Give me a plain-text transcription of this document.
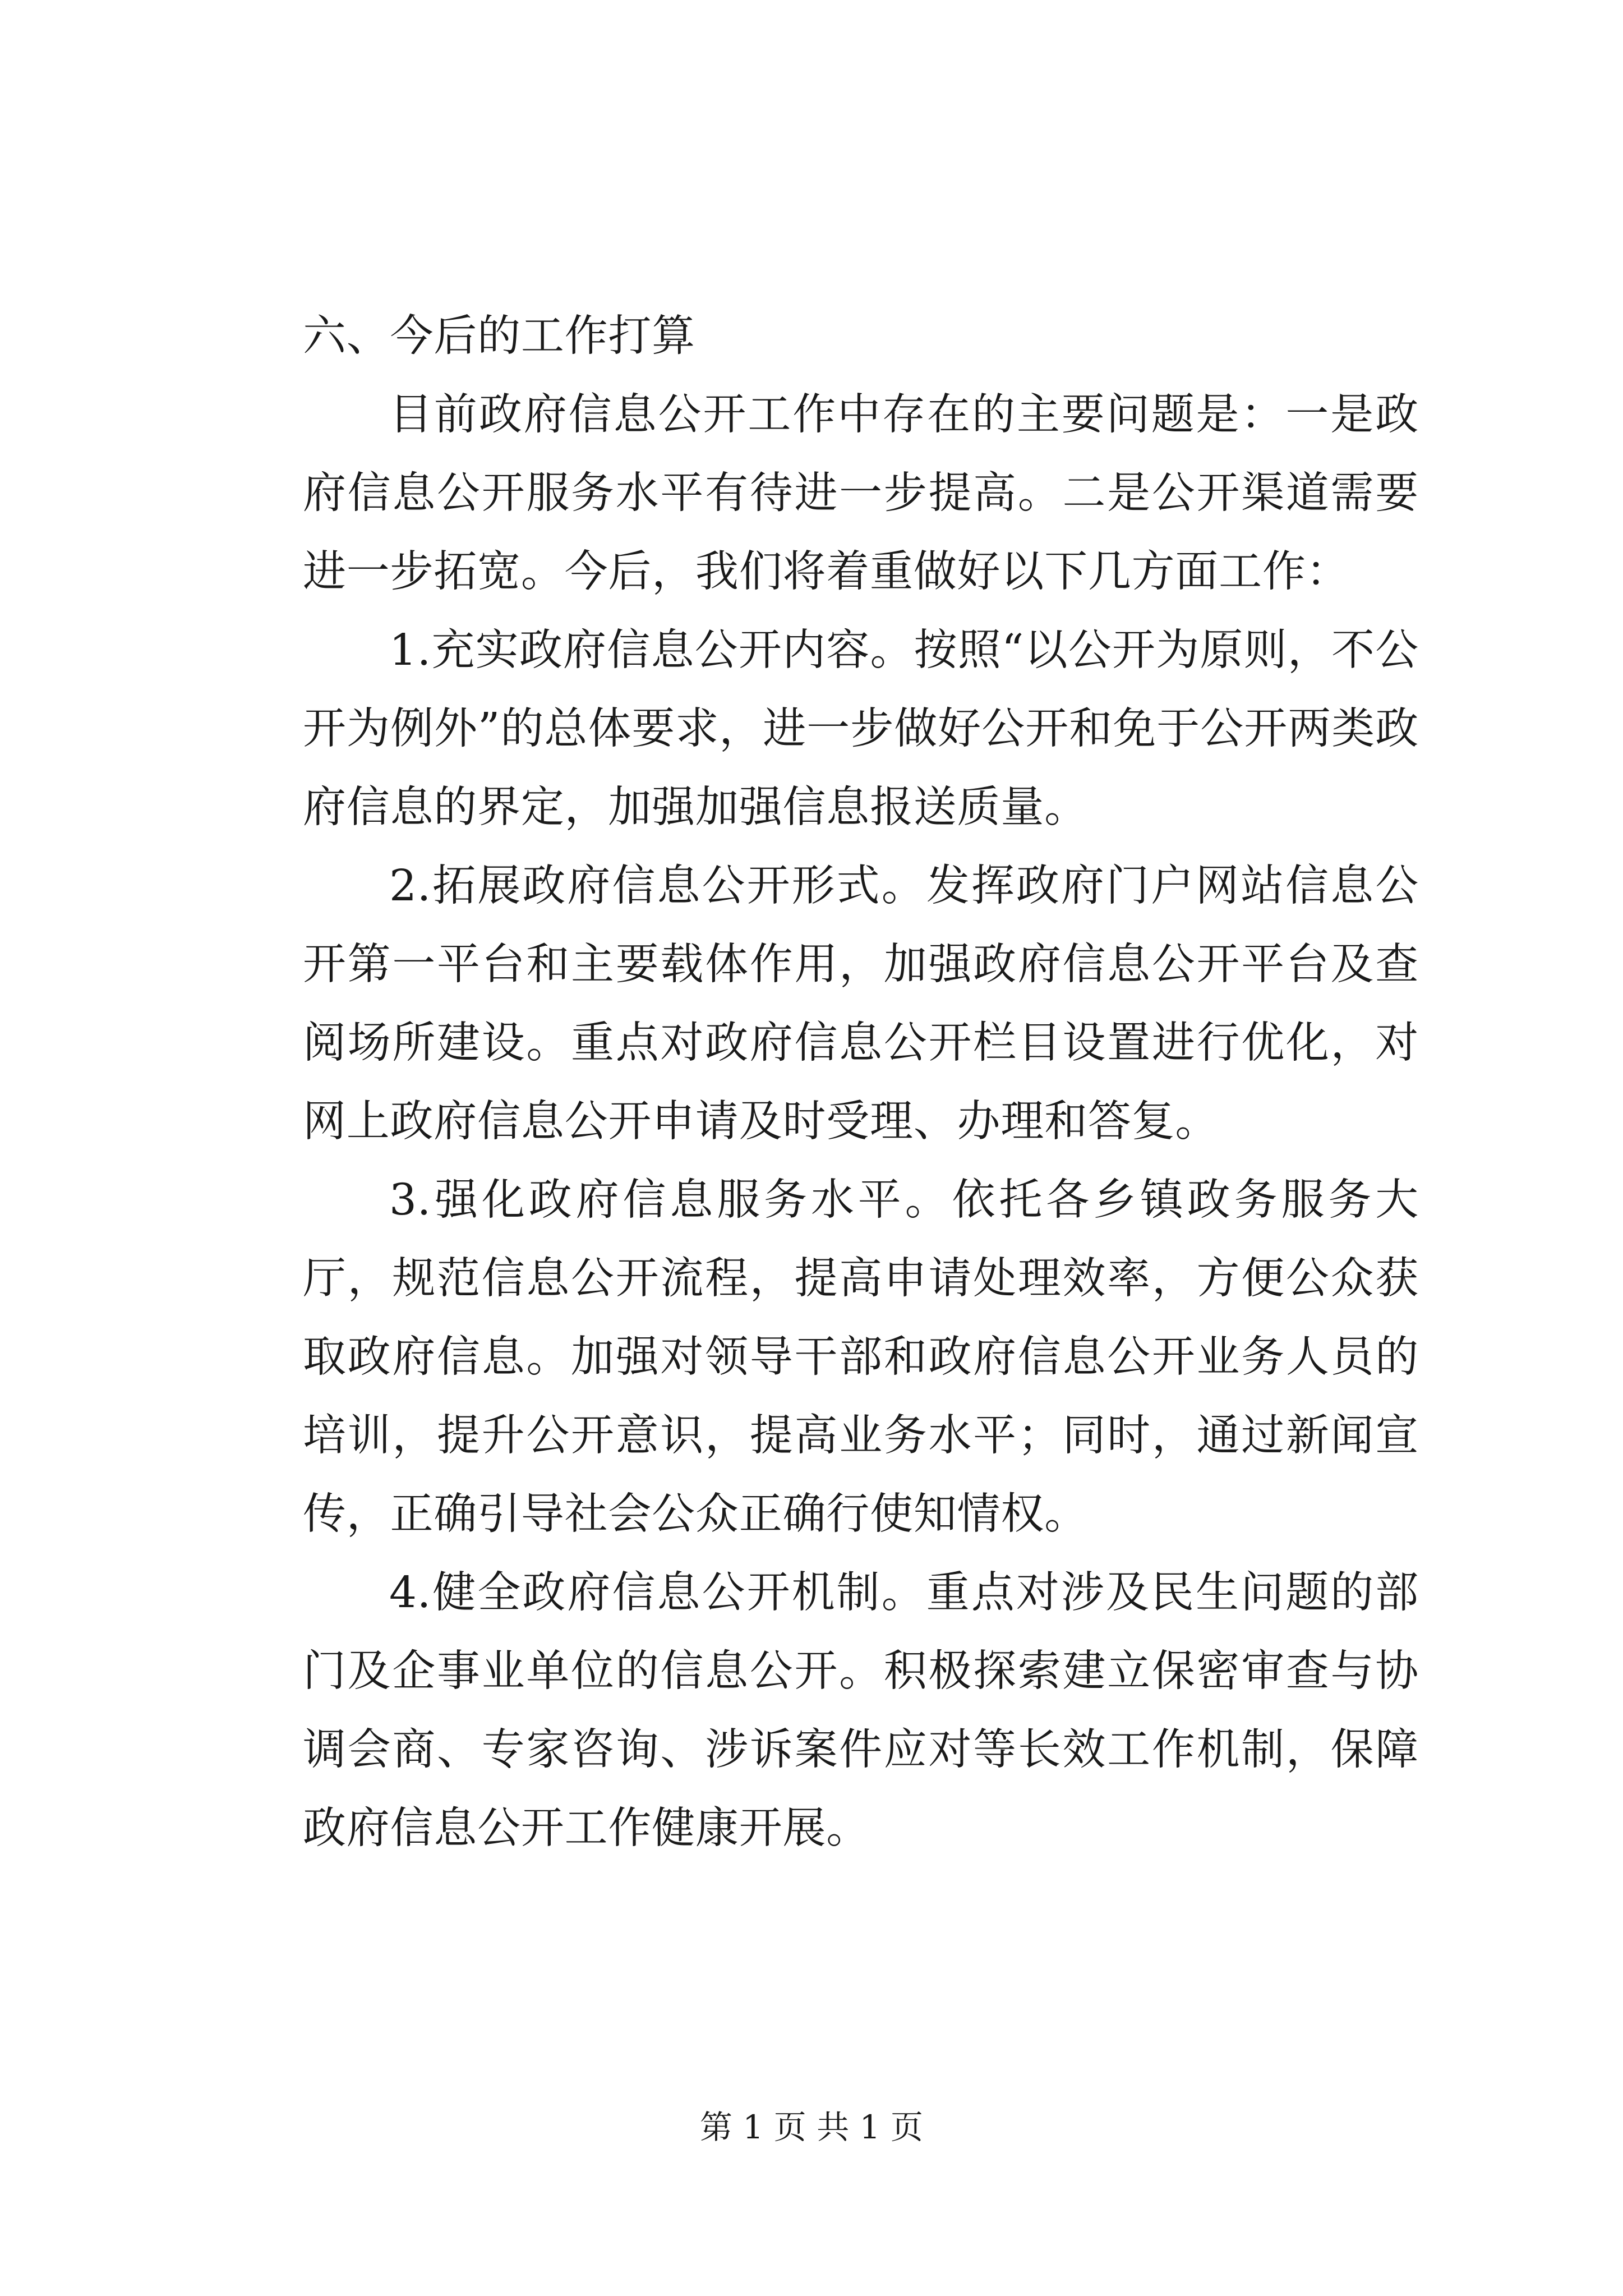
六、今后的工作打算

目前政府信息公开工作中存在的主要问题是：一是政府信息公开服务水平有待进一步提高。二是公开渠道需要进一步拓宽。今后，我们将着重做好以下几方面工作：

1.充实政府信息公开内容。按照“以公开为原则，不公开为例外”的总体要求，进一步做好公开和免于公开两类政府信息的界定，加强加强信息报送质量。

2.拓展政府信息公开形式。发挥政府门户网站信息公开第一平台和主要载体作用，加强政府信息公开平台及查阅场所建设。重点对政府信息公开栏目设置进行优化，对网上政府信息公开申请及时受理、办理和答复。

3.强化政府信息服务水平。依托各乡镇政务服务大厅，规范信息公开流程，提高申请处理效率，方便公众获取政府信息。加强对领导干部和政府信息公开业务人员的培训，提升公开意识，提高业务水平；同时，通过新闻宣传，正确引导社会公众正确行使知情权。

4.健全政府信息公开机制。重点对涉及民生问题的部门及企事业单位的信息公开。积极探索建立保密审查与协调会商、专家咨询、涉诉案件应对等长效工作机制，保障政府信息公开工作健康开展。

第 1 页 共 1 页
